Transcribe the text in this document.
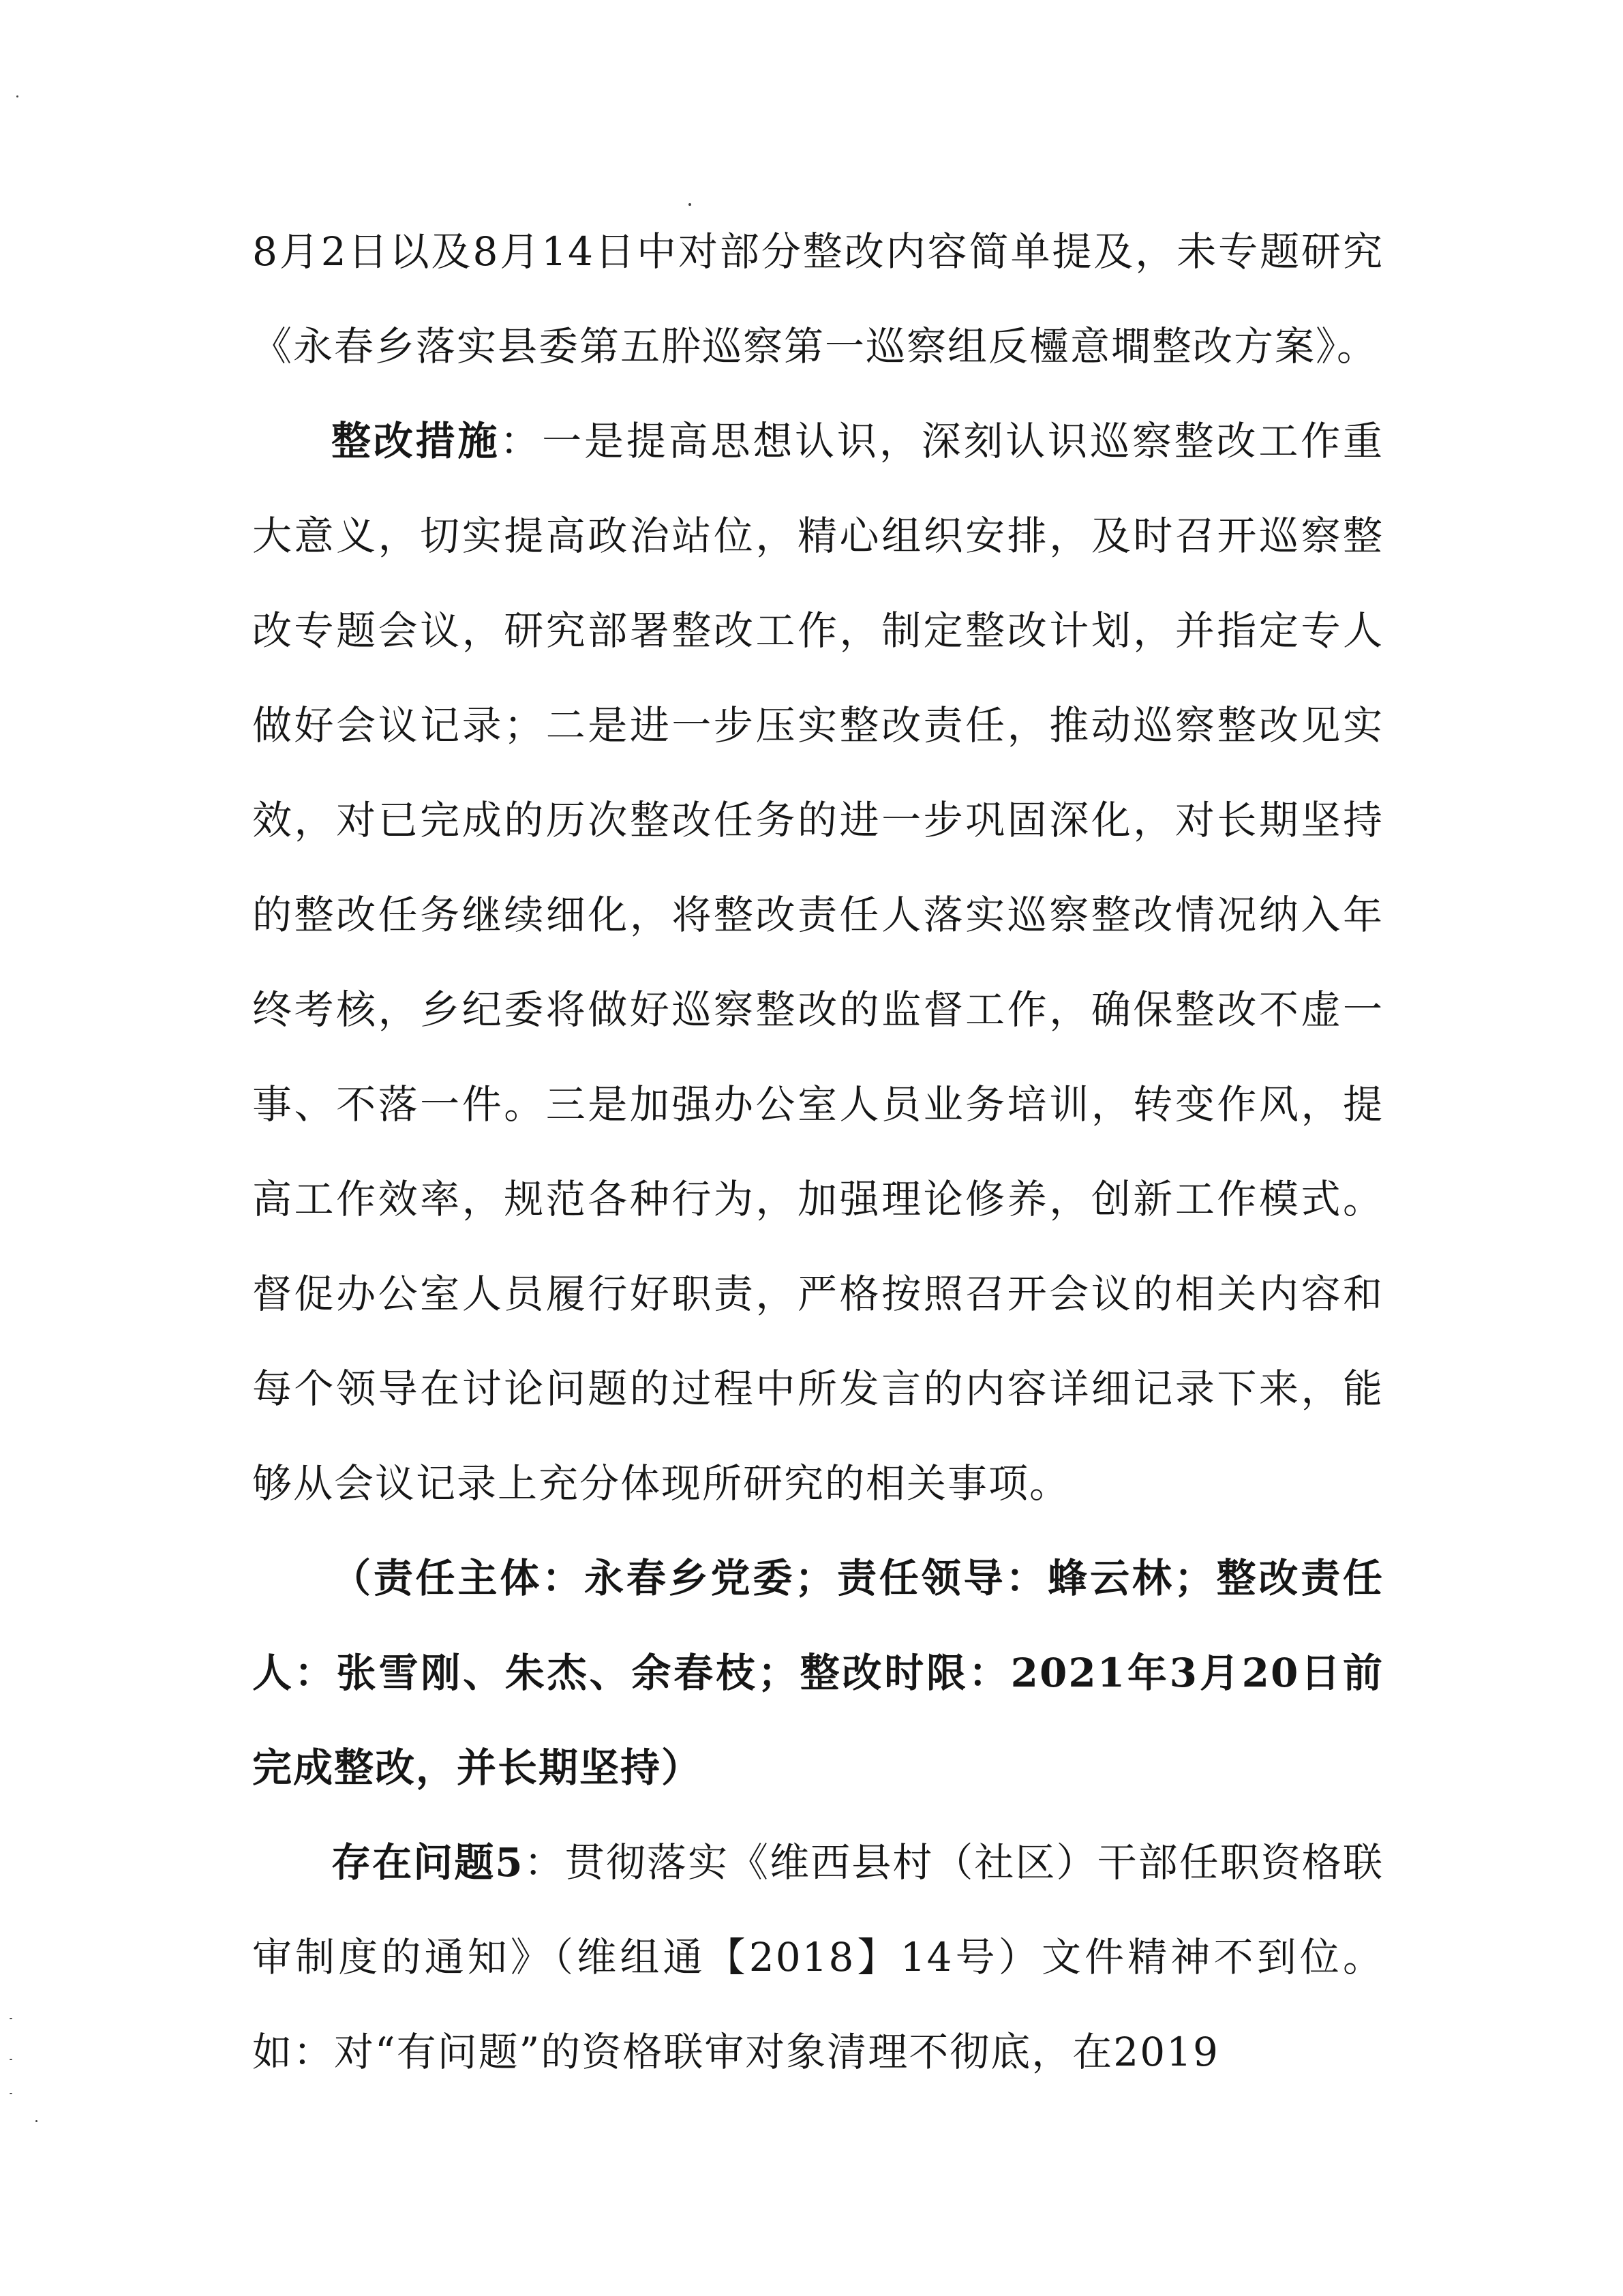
8月2日以及8月14日中对部分整改内容简单提及，未专题研究《永春乡落实县委第五肸巡察第一巡察组反欞意墹整改方案》。

整改措施：一是提高思想认识，深刻认识巡察整改工作重大意义，切实提高政治站位，精心组织安排，及时召开巡察整改专题会议，研究部署整改工作，制定整改计划，并指定专人做好会议记录；二是进一步压实整改责任，推动巡察整改见实效，对已完成的历次整改任务的进一步巩固深化，对长期坚持的整改任务继续细化，将整改责任人落实巡察整改情况纳入年终考核，乡纪委将做好巡察整改的监督工作，确保整改不虚一事、不落一件。三是加强办公室人员业务培训，转变作风，提高工作效率，规范各种行为，加强理论修养，创新工作模式。督促办公室人员履行好职责，严格按照召开会议的相关内容和每个领导在讨论问题的过程中所发言的内容详细记录下来，能够从会议记录上充分体现所研究的相关事项。

（责任主体：永春乡党委；责任领导：蜂云林；整改责任人：张雪刚、朱杰、余春枝；整改时限：2021年3月20日前完成整改，并长期坚持）

存在问题5：贯彻落实《维西县村（社区）干部任职资格联审制度的通知》（维组通【2018】14号）文件精神不到位。如：对“有问题”的资格联审对象清理不彻底，在2019
